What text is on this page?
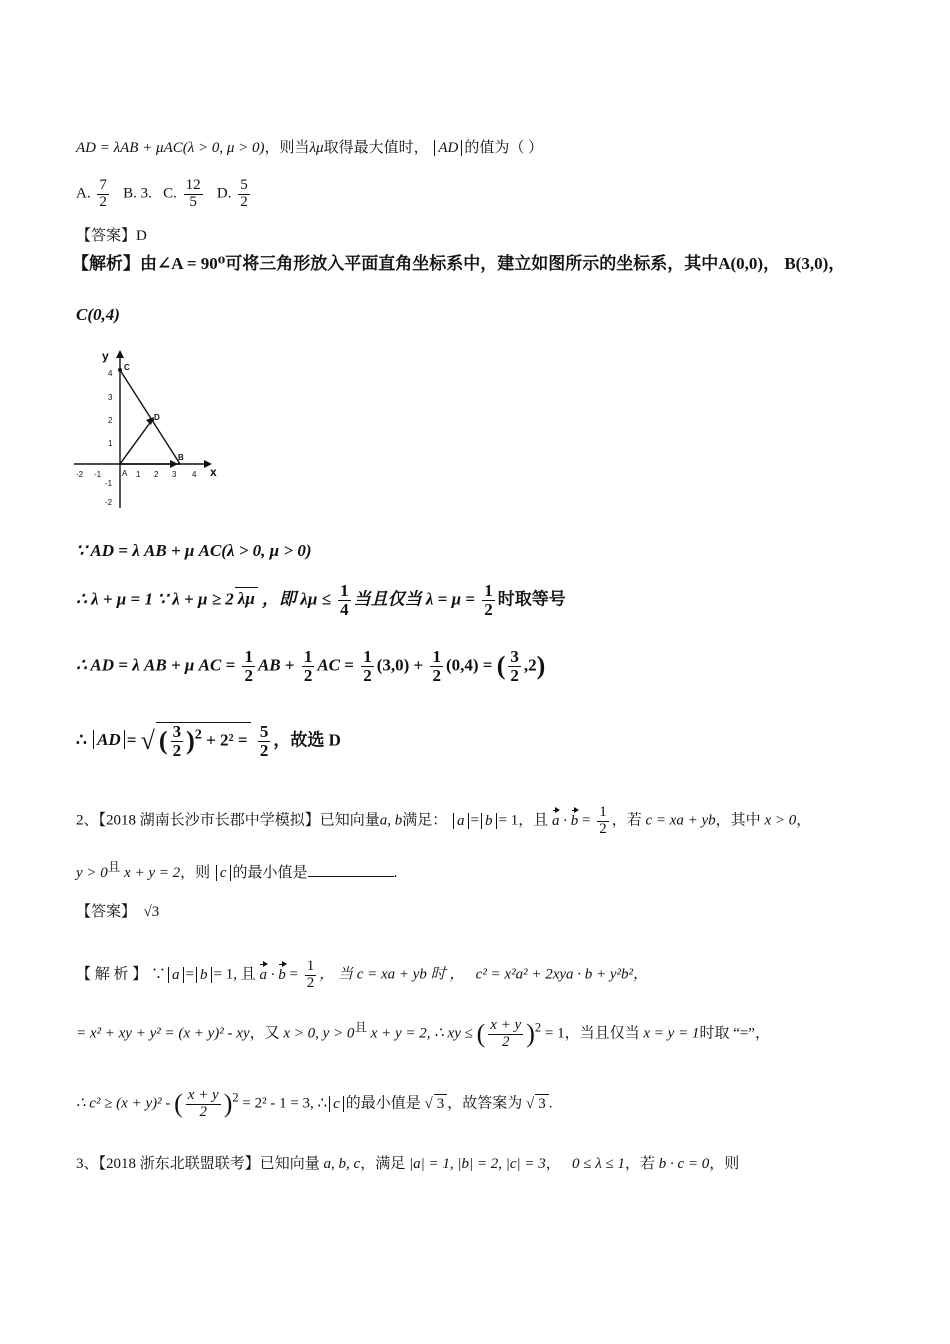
AD = λAB + μAC(λ > 0, μ > 0)，则当λμ取得最大值时， AD 的值为（ ）
A. $\frac{7}{2} B$. 3. C. $\frac{12}{5} D$. $\frac{5}{2}$
【答案】D
【解析】由∠A = 90⁰可将三角形放入平面直角坐标系中，建立如图所示的坐标系，其中A(0,0)， B(3,0)，
C(0,4)
y
x
4
3
2
1
-1
-2
-2 -1	1 2 3 4
A
C
D
B
∵ AD = λ AB + μ AC(λ > 0, μ > 0)
∴ λ + μ = 1 ∵ λ + μ ≥ 2 λμ ，即 $\lambda\mu \le \frac{1}{4}$ 当且仅当 $\lambda = \mu = \frac{1}{2}$ 时取等号
∴ AD = λ AB + μ AC = $\frac{1}{2}$ AB + $\frac{1}{2}$ AC = $\frac{1}{2} (3,0) + \frac{1}{2} (0,4)$ = ( $\frac{3}{2} ,2$)
∴ AD = √ ( $\frac{3}{2} )^2 + 2^2 = \frac{5}{2}$ ，故选 D
2、【2018 湖南长沙市长郡中学模拟】已知向量a, b满足： a = b = 1，且 $a \cdot b = \frac{1}{2}$ ，若 c = xa + yb，其中 x > 0，
$y > 0^且$ x + y = 2，则 c 的最小值是	.
【答案】 √3
【 解 析 】 ∵ a = b = 1, 且 $a \cdot b = \frac{1}{2}$ ， 当 c = xa + yb 时 ， c² = x²a² + 2xya · b + y²b²，
= x² + xy + y² = (x + y)² - xy，又 x > 0, $y > 0^且$ x + y = 2, ∴ xy ≤ ( $\frac{x + y}{2} )^2 = 1$，当且仅当 x = y = 1时取 “=”，
∴ c² ≥ (x + y)² - ( $\frac{x + y}{2} )^2 = 2^2 - 1 = 3$, ∴ c 的最小值是 √ 3 ，故答案为 √ 3 .
3、【2018 浙东北联盟联考】已知向量 a, b, c，满足 |a| = 1, |b| = 2, |c| = 3， 0 ≤ λ ≤ 1，若 b · c = 0，则
